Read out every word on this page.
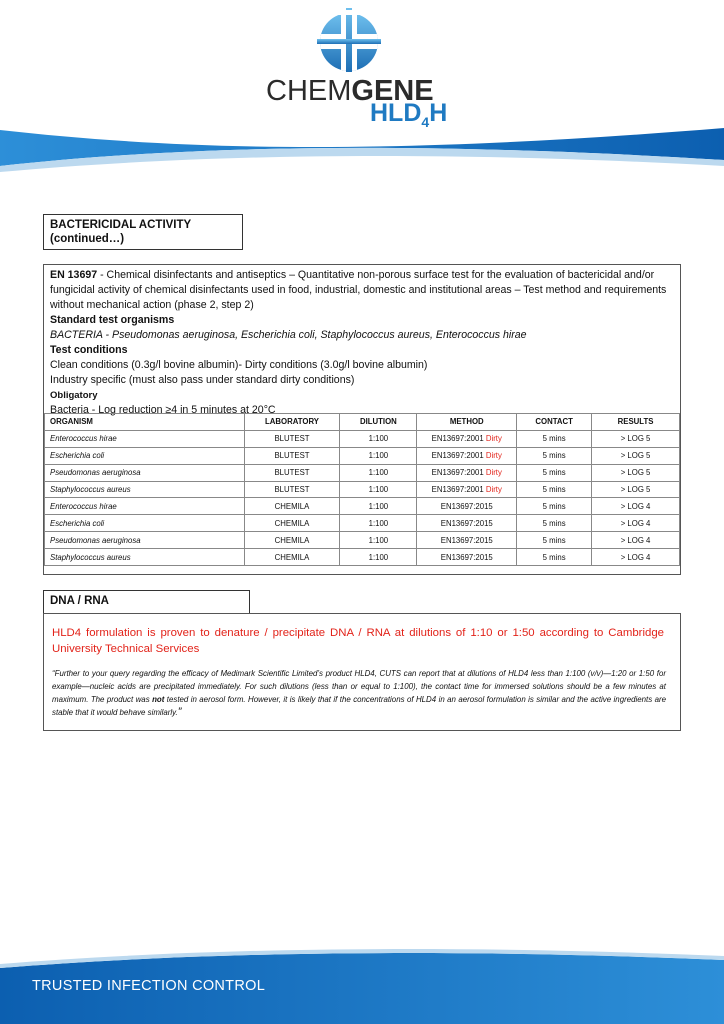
CHEMGENE
$HLD_4H$
BACTERICIDAL ACTIVITY
(continued…)
EN 13697 - Chemical disinfectants and antiseptics – Quantitative non-porous surface test for the evaluation of bactericidal and/or fungicidal activity of chemical disinfectants used in food, industrial, domestic and institutional areas – Test method and requirements without mechanical action (phase 2, step 2)
Standard test organisms
BACTERIA - Pseudomonas aeruginosa, Escherichia coli, Staphylococcus aureus, Enterococcus hirae
Test conditions
Clean conditions (0.3g/l bovine albumin)- Dirty conditions (3.0g/l bovine albumin)
Industry specific (must also pass under standard dirty conditions)
Obligatory
Bacteria - Log reduction ≥4 in 5 minutes at 20°C
ORGANISM	LABORATORY	DILUTION	METHOD	CONTACT	RESULTS
Enterococcus hirae	BLUTEST	1:100	EN13697:2001 Dirty	5 mins	> LOG 5
Escherichia coli	BLUTEST	1:100	EN13697:2001 Dirty	5 mins	> LOG 5
Pseudomonas aeruginosa	BLUTEST	1:100	EN13697:2001 Dirty	5 mins	> LOG 5
Staphylococcus aureus	BLUTEST	1:100	EN13697:2001 Dirty	5 mins	> LOG 5
Enterococcus hirae	CHEMILA	1:100	EN13697:2015	5 mins	> LOG 4
Escherichia coli	CHEMILA	1:100	EN13697:2015	5 mins	> LOG 4
Pseudomonas aeruginosa	CHEMILA	1:100	EN13697:2015	5 mins	> LOG 4
Staphylococcus aureus	CHEMILA	1:100	EN13697:2015	5 mins	> LOG 4
DNA / RNA
HLD4 formulation is proven to denature / precipitate DNA / RNA at dilutions of 1:10 or 1:50 according to Cambridge University Technical Services
“Further to your query regarding the efficacy of Medimark Scientific Limited’s product HLD4, CUTS can report that at dilutions of HLD4 less than 1:100 (v/v)—1:20 or 1:50 for example—nucleic acids are precipitated immediately. For such dilutions (less than or equal to 1:100), the contact time for immersed solutions should be a few minutes at maximum. The product was not tested in aerosol form. However, it is likely that if the concentrations of HLD4 in an aerosol formulation is similar and the active ingredients are stable that it would behave similarly.”
TRUSTED INFECTION CONTROL
